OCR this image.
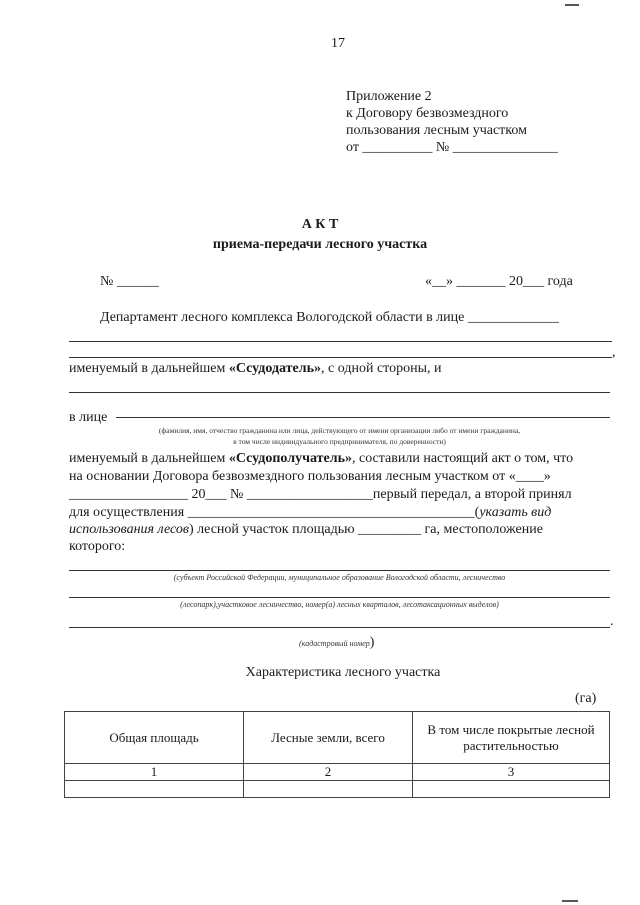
17
Приложение 2
к Договору безвозмездного
пользования лесным участком
от __________ № _______________
А К Т
приема-передачи лесного участка
№ ______	«__» _______ 20___ года
Департамент лесного комплекса Вологодской области в лице _____________
,
именуемый в дальнейшем «Ссудодатель», с одной стороны, и
в лице
(фамилия, имя, отчество гражданина или лица, действующего от имени организации либо от имени гражданина,
в том числе индивидуального предпринимателя, по доверенности)
именуемый в дальнейшем «Ссудополучатель», составили настоящий акт о том, что
на основании Договора безвозмездного пользования лесным участком от «____»
_________________ 20___ № __________________первый передал, а второй принял
для осуществления _________________________________________(указать вид
использования лесов) лесной участок площадью _________ га, местоположение
которого:
(субъект Российской Федерации, муниципальное образование Вологодской области, лесничество
(лесопарк),участковое лесничество, номер(а) лесных кварталов, лесотаксационных выделов)
.
(кадастровый номер)
Характеристика лесного участка
(га)
Общая площадь	Лесные земли, всего	В том числе покрытые лесной растительностью
1	2	3
